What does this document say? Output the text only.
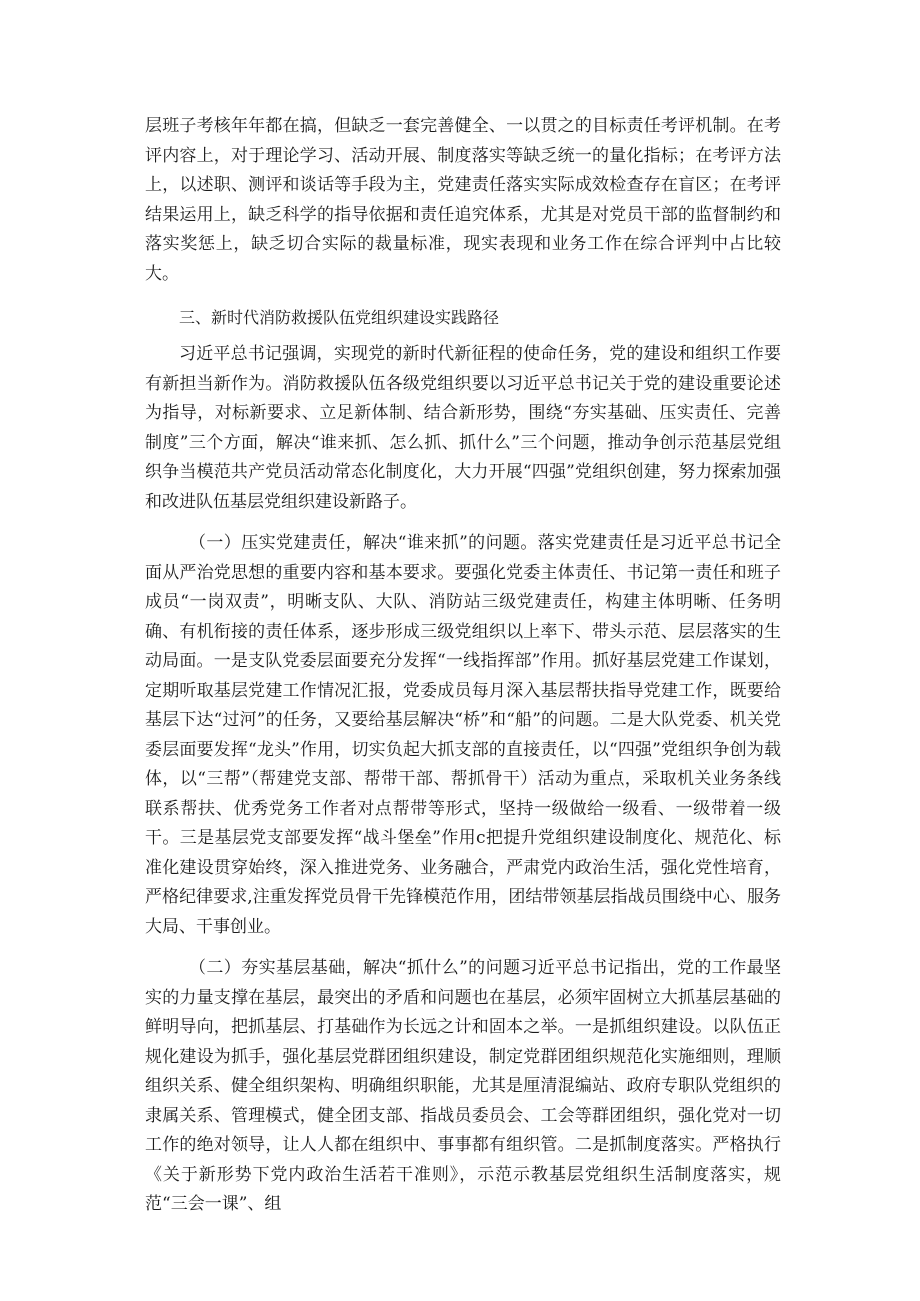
层班子考核年年都在搞，但缺乏一套完善健全、一以贯之的目标责任考评机制。在考评内容上，对于理论学习、活动开展、制度落实等缺乏统一的量化指标；在考评方法上，以述职、测评和谈话等手段为主，党建责任落实实际成效检查存在盲区；在考评结果运用上，缺乏科学的指导依据和责任追究体系，尤其是对党员干部的监督制约和落实奖惩上，缺乏切合实际的裁量标准，现实表现和业务工作在综合评判中占比较大。

三、新时代消防救援队伍党组织建设实践路径

习近平总书记强调，实现党的新时代新征程的使命任务，党的建设和组织工作要有新担当新作为。消防救援队伍各级党组织要以习近平总书记关于党的建设重要论述为指导，对标新要求、立足新体制、结合新形势，围绕“夯实基础、压实责任、完善制度”三个方面，解决“谁来抓、怎么抓、抓什么”三个问题，推动争创示范基层党组织争当模范共产党员活动常态化制度化，大力开展“四强”党组织创建，努力探索加强和改进队伍基层党组织建设新路子。

（一）压实党建责任，解决“谁来抓”的问题。落实党建责任是习近平总书记全面从严治党思想的重要内容和基本要求。要强化党委主体责任、书记第一责任和班子成员“一岗双责”，明晰支队、大队、消防站三级党建责任，构建主体明晰、任务明确、有机衔接的责任体系，逐步形成三级党组织以上率下、带头示范、层层落实的生动局面。一是支队党委层面要充分发挥“一线指挥部”作用。抓好基层党建工作谋划，定期听取基层党建工作情况汇报，党委成员每月深入基层帮扶指导党建工作，既要给基层下达“过河”的任务，又要给基层解决“桥”和“船”的问题。二是大队党委、机关党委层面要发挥“龙头”作用，切实负起大抓支部的直接责任，以“四强”党组织争创为载体，以“三帮”（帮建党支部、帮带干部、帮抓骨干）活动为重点，采取机关业务条线联系帮扶、优秀党务工作者对点帮带等形式，坚持一级做给一级看、一级带着一级干。三是基层党支部要发挥“战斗堡垒”作用c把提升党组织建设制度化、规范化、标准化建设贯穿始终，深入推进党务、业务融合，严肃党内政治生活，强化党性培育，严格纪律要求,注重发挥党员骨干先锋模范作用，团结带领基层指战员围绕中心、服务大局、干事创业。

（二）夯实基层基础，解决“抓什么”的问题习近平总书记指出，党的工作最坚实的力量支撑在基层，最突出的矛盾和问题也在基层，必须牢固树立大抓基层基础的鲜明导向，把抓基层、打基础作为长远之计和固本之举。一是抓组织建设。以队伍正规化建设为抓手，强化基层党群团组织建设，制定党群团组织规范化实施细则，理顺组织关系、健全组织架构、明确组织职能，尤其是厘清混编站、政府专职队党组织的隶属关系、管理模式，健全团支部、指战员委员会、工会等群团组织，强化党对一切工作的绝对领导，让人人都在组织中、事事都有组织管。二是抓制度落实。严格执行《关于新形势下党内政治生活若干准则》，示范示教基层党组织生活制度落实，规范“三会一课”、组
